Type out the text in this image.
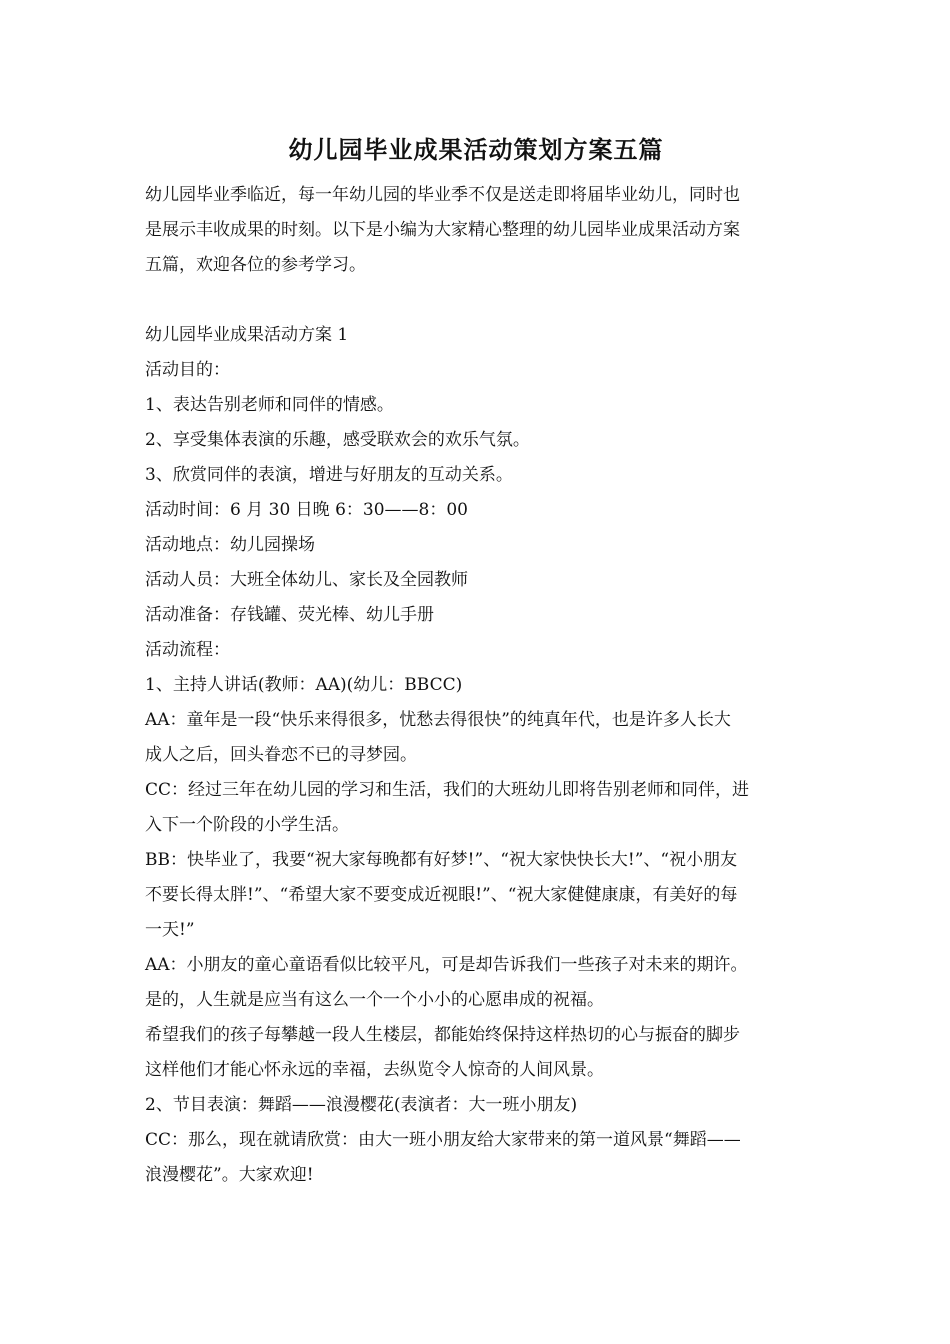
幼儿园毕业成果活动策划方案五篇

幼儿园毕业季临近，每一年幼儿园的毕业季不仅是送走即将届毕业幼儿，同时也

是展示丰收成果的时刻。以下是小编为大家精心整理的幼儿园毕业成果活动方案

五篇，欢迎各位的参考学习。

幼儿园毕业成果活动方案 1

活动目的：

1、表达告别老师和同伴的情感。

2、享受集体表演的乐趣，感受联欢会的欢乐气氛。

3、欣赏同伴的表演，增进与好朋友的互动关系。

活动时间：6 月 30 日晚 6：30——8：00

活动地点：幼儿园操场

活动人员：大班全体幼儿、家长及全园教师

活动准备：存钱罐、荧光棒、幼儿手册

活动流程：

1、主持人讲话(教师：AA)(幼儿：BBCC)

AA：童年是一段“快乐来得很多，忧愁去得很快”的纯真年代，也是许多人长大

成人之后，回头眷恋不已的寻梦园。

CC：经过三年在幼儿园的学习和生活，我们的大班幼儿即将告别老师和同伴，进

入下一个阶段的小学生活。

BB：快毕业了，我要“祝大家每晚都有好梦!”、“祝大家快快长大!”、“祝小朋友

不要长得太胖!”、“希望大家不要变成近视眼!”、“祝大家健健康康，有美好的每

一天!”

AA：小朋友的童心童语看似比较平凡，可是却告诉我们一些孩子对未来的期许。

是的，人生就是应当有这么一个一个小小的心愿串成的祝福。

希望我们的孩子每攀越一段人生楼层，都能始终保持这样热切的心与振奋的脚步

这样他们才能心怀永远的幸福，去纵览令人惊奇的人间风景。

2、节目表演：舞蹈——浪漫樱花(表演者：大一班小朋友)

CC：那么，现在就请欣赏：由大一班小朋友给大家带来的第一道风景“舞蹈——

浪漫樱花”。大家欢迎!
